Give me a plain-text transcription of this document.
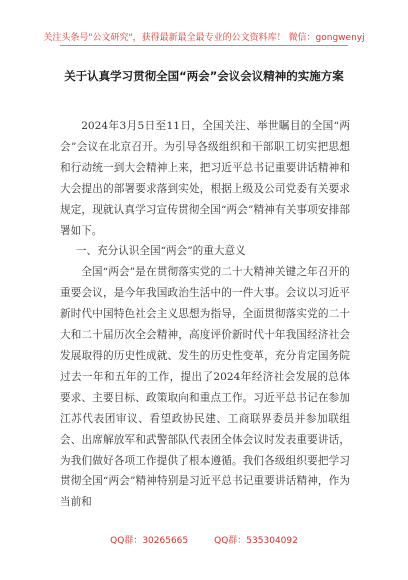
关注头条号"公文研究"，获得最新最全最专业的公文资料库！ 微信：gongwenyj
关于认真学习贯彻全国“两会”会议会议精神的实施方案

2024年3月5日至11日，全国关注、举世瞩目的全国“两会”会议在北京召开。为引导各级组织和干部职工切实把思想和行动统一到大会精神上来，把习近平总书记重要讲话精神和大会提出的部署要求落到实处，根据上级及公司党委有关要求规定，现就认真学习宣传贯彻全国“两会”精神有关事项安排部署如下。

一、充分认识全国“两会”的重大意义

全国“两会”是在贯彻落实党的二十大精神关键之年召开的重要会议，是今年我国政治生活中的一件大事。会议以习近平新时代中国特色社会主义思想为指导，全面贯彻落实党的二十大和二十届历次全会精神，高度评价新时代十年我国经济社会发展取得的历史性成就、发生的历史性变革，充分肯定国务院过去一年和五年的工作，提出了2024年经济社会发展的总体要求、主要目标、政策取向和重点工作。习近平总书记在参加江苏代表团审议、看望政协民建、工商联界委员并参加联组会、出席解放军和武警部队代表团全体会议时发表重要讲话，为我们做好各项工作提供了根本遵循。我们各级组织要把学习贯彻全国“两会”精神特别是习近平总书记重要讲话精神，作为当前和

QQ群：30265665	QQ群：535304092
